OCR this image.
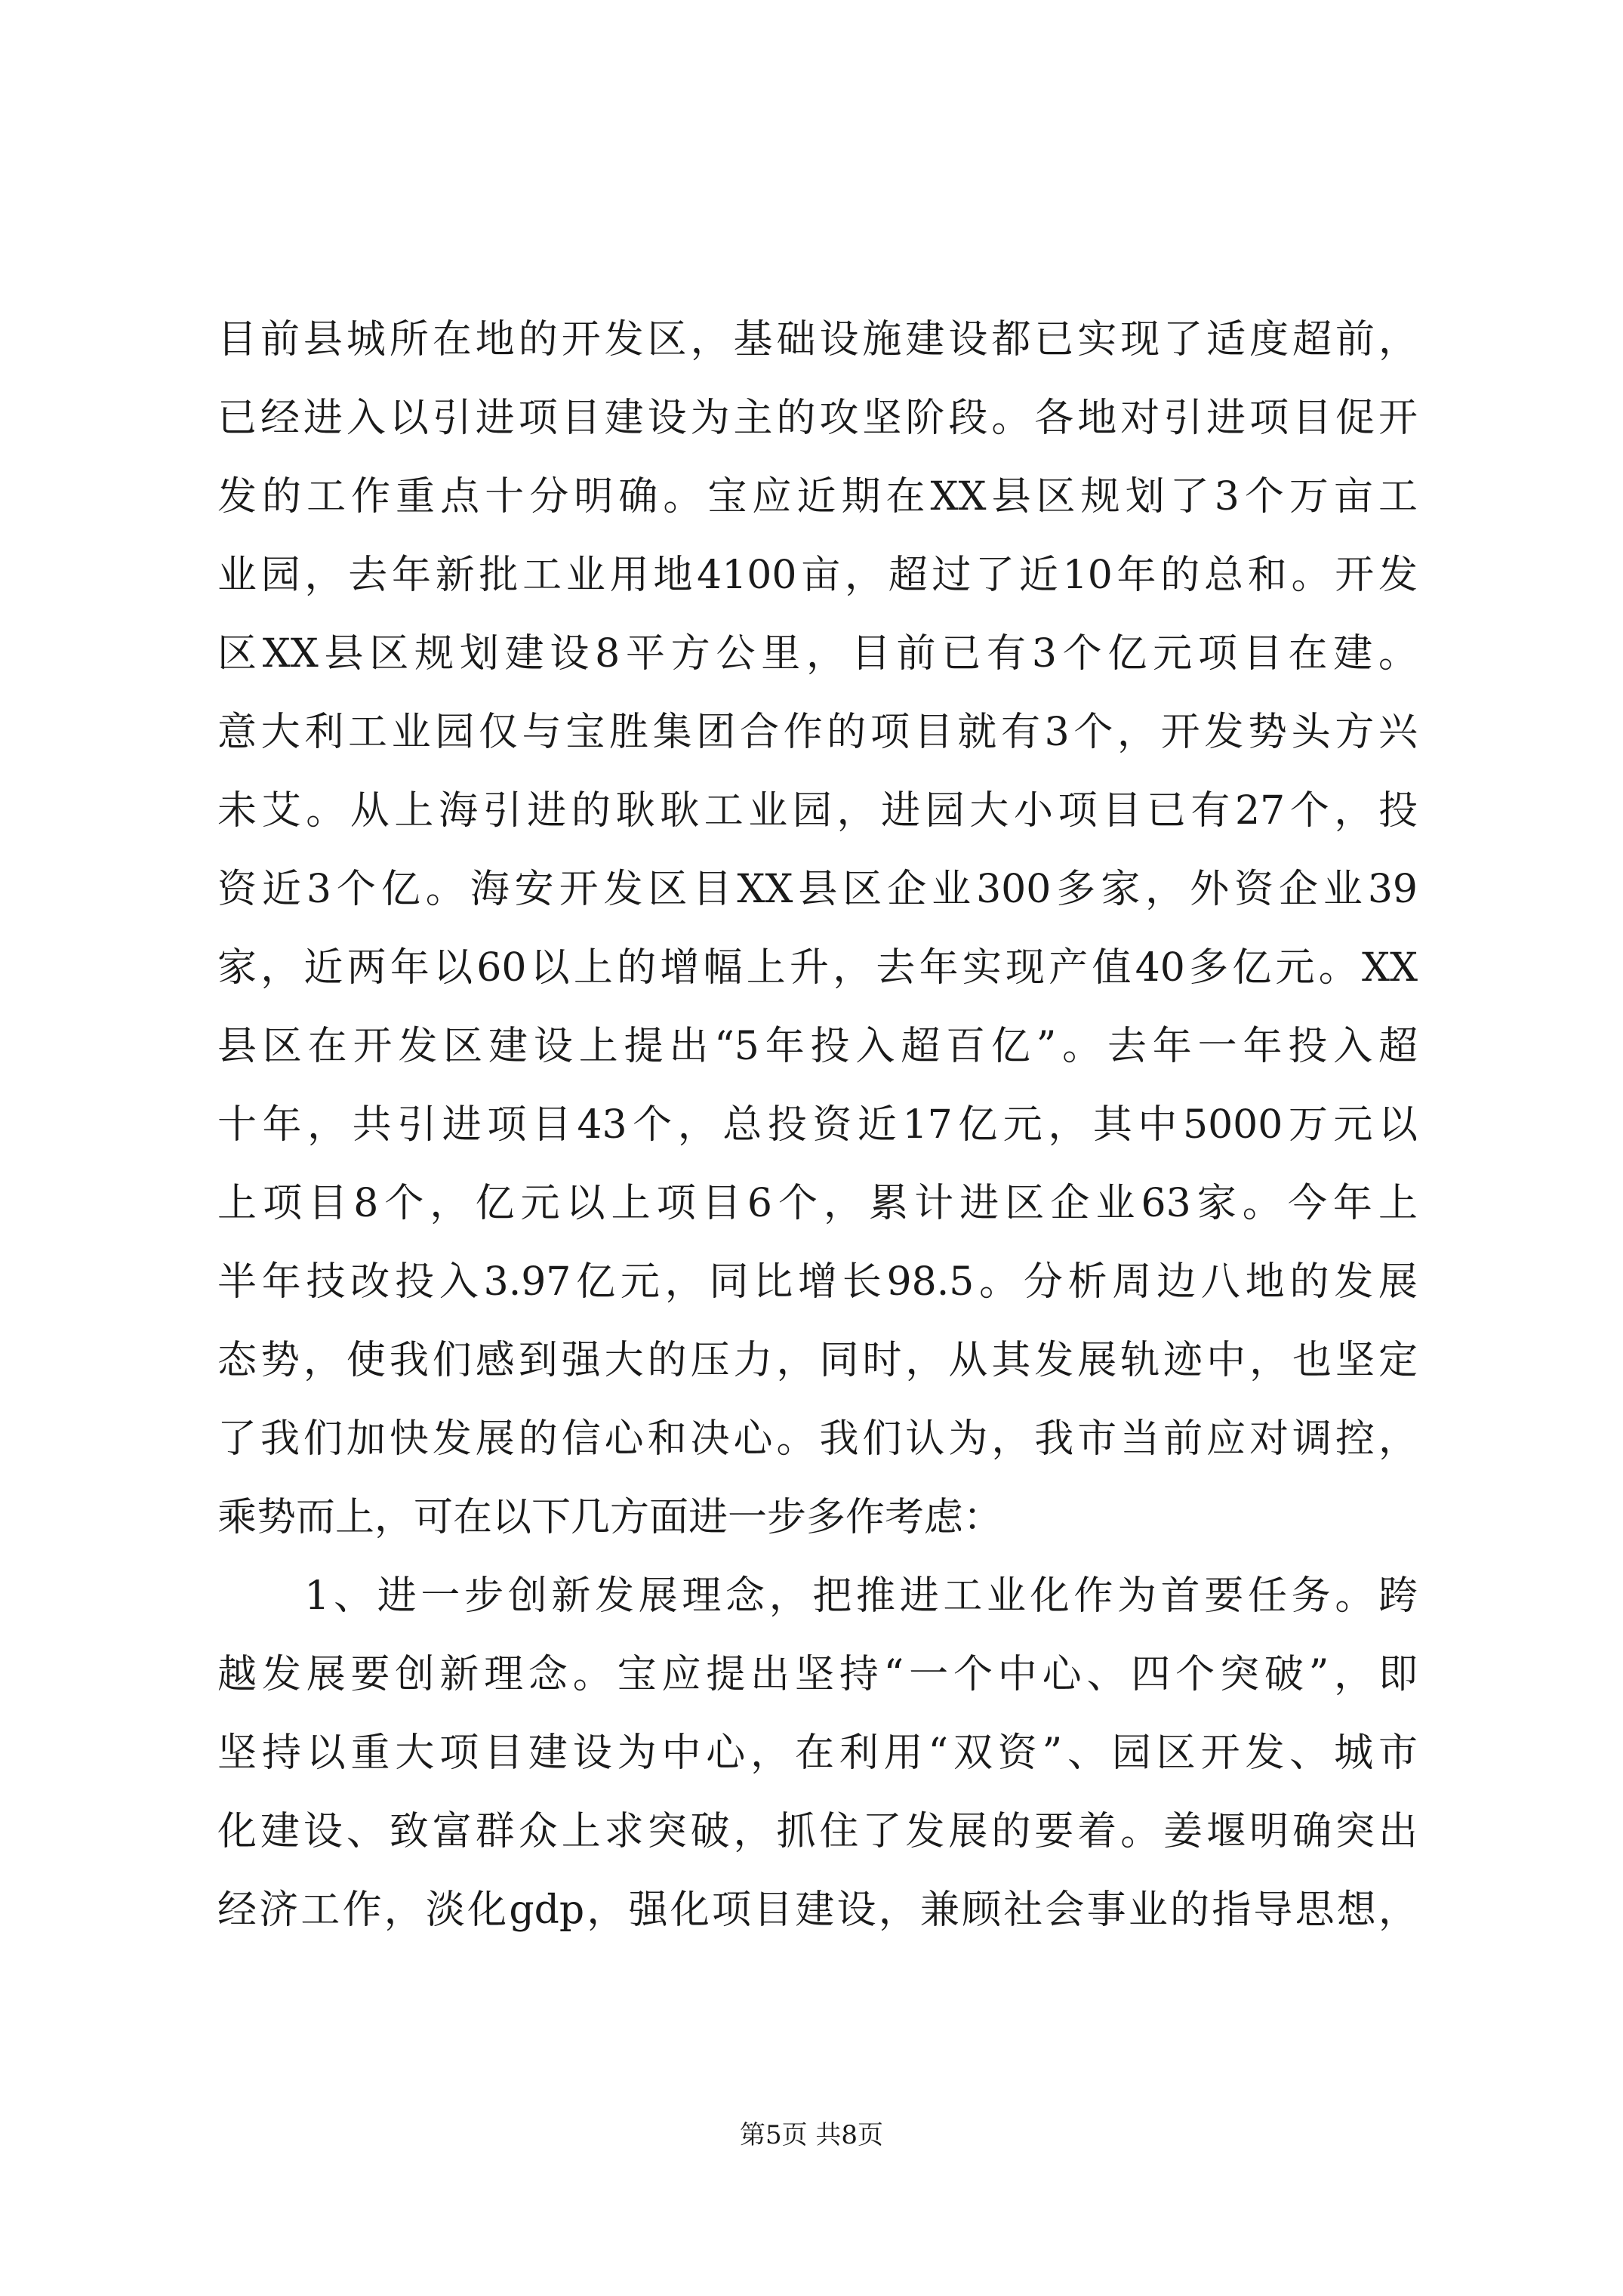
目前县城所在地的开发区，基础设施建设都已实现了适度超前，
已经进入以引进项目建设为主的攻坚阶段。各地对引进项目促开
发的工作重点十分明确。宝应近期在XX县区规划了3个万亩工
业园，去年新批工业用地4100亩，超过了近10年的总和。开发
区XX县区规划建设8平方公里，目前已有3个亿元项目在建。
意大利工业园仅与宝胜集团合作的项目就有3个，开发势头方兴
未艾。从上海引进的耿耿工业园，进园大小项目已有27个，投
资近3个亿。海安开发区目XX县区企业300多家，外资企业39
家，近两年以60以上的增幅上升，去年实现产值40多亿元。XX
县区在开发区建设上提出“5年投入超百亿”。去年一年投入超
十年，共引进项目43个，总投资近17亿元，其中5000万元以
上项目8个，亿元以上项目6个，累计进区企业63家。今年上
半年技改投入3.97亿元，同比增长98.5。分析周边八地的发展
态势，使我们感到强大的压力，同时，从其发展轨迹中，也坚定
了我们加快发展的信心和决心。我们认为，我市当前应对调控，
乘势而上，可在以下几方面进一步多作考虑：
　　1、进一步创新发展理念，把推进工业化作为首要任务。跨
越发展要创新理念。宝应提出坚持“一个中心、四个突破”，即
坚持以重大项目建设为中心，在利用“双资”、园区开发、城市
化建设、致富群众上求突破，抓住了发展的要着。姜堰明确突出
经济工作，淡化gdp，强化项目建设，兼顾社会事业的指导思想，
第5页 共8页
